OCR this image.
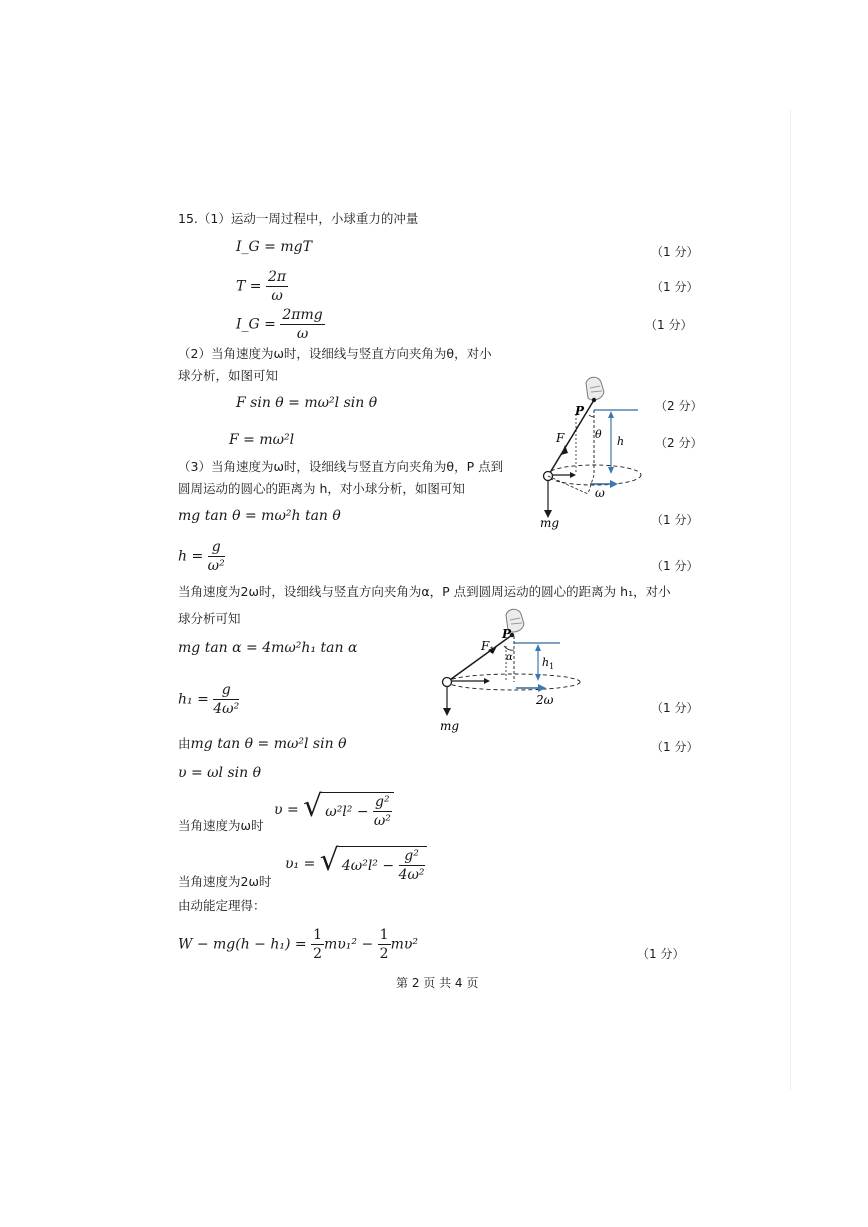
15.（1）运动一周过程中，小球重力的冲量
I_G = mgT	（1 分）
$T = \frac{2\pi}{\omega}$	（1 分）
I_G = $\frac{\text{2πmg}}{\omega}$	（1 分）
（2）当角速度为ω时，设细线与竖直方向夹角为θ，对小
球分析，如图可知
F sin θ = mω²l sin θ	（2 分）
F = mω²l	（2 分）
（3）当角速度为ω时，设细线与竖直方向夹角为θ，P 点到
圆周运动的圆心的距离为 h，对小球分析，如图可知
mg tan θ = mω²h tan θ	（1 分）
$h = \frac{g}{\text{ω²}}$	（1 分）
当角速度为2ω时，设细线与竖直方向夹角为α，P 点到圆周运动的圆心的距离为 h₁，对小
球分析可知
mg tan α = 4mω²h₁ tan α
$h_1 = \frac{g}{\text{4ω²}}$	（1 分）
由mg tan θ = mω²l sin θ	（1 分）
υ = ωl sin θ
当角速度为ω时
υ = √ ω²l² −
$\frac{\text{g²}}{\text{ω²}}$
当角速度为2ω时
υ₁ = √ 4ω²l² −
$\frac{\text{g²}}{\text{4ω²}}$
由动能定理得：
$W - mg(h - h_1) = \frac{1}{2} m\upsilon_1^2 - \frac{1}{2} m\upsilon^2$
（1 分）
第 2 页 共 4 页
P
θ
F	h
ω
mg
P
α
$F_1$
$h_1$
2ω
mg
